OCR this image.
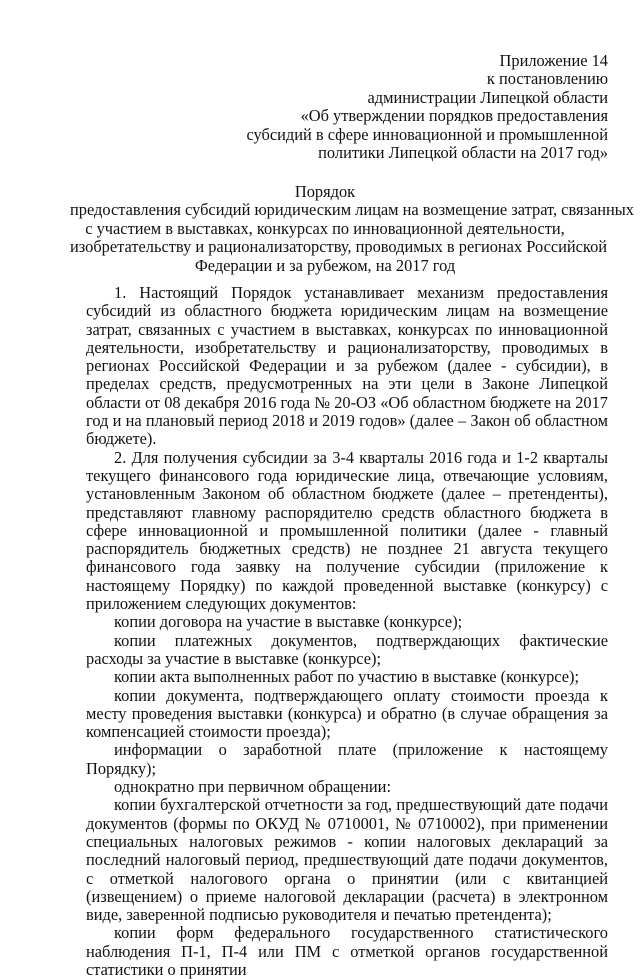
Приложение 14
к постановлению
администрации Липецкой области
«Об утверждении порядков предоставления
субсидий в сфере инновационной и промышленной
политики Липецкой области на 2017 год»
Порядок
предоставления субсидий юридическим лицам на возмещение затрат, связанных
с участием в выставках, конкурсах по инновационной деятельности,
изобретательству и рационализаторству, проводимых в регионах Российской
Федерации и за рубежом, на 2017 год

1. Настоящий Порядок устанавливает механизм предоставления субсидий из областного бюджета юридическим лицам на возмещение затрат, связанных с участием в выставках, конкурсах по инновационной деятельности, изобретательству и рационализаторству, проводимых в регионах Российской Федерации и за рубежом (далее - субсидии), в пределах средств, предусмотренных на эти цели в Законе Липецкой области от 08 декабря 2016 года № 20-ОЗ «Об областном бюджете на 2017 год и на плановый период 2018 и 2019 годов» (далее – Закон об областном бюджете).

2. Для получения субсидии за 3-4 кварталы 2016 года и 1-2 кварталы текущего финансового года юридические лица, отвечающие условиям, установленным Законом об областном бюджете (далее – претенденты), представляют главному распорядителю средств областного бюджета в сфере инновационной и промышленной политики (далее - главный распорядитель бюджетных средств) не позднее 21 августа текущего финансового года заявку на получение субсидии (приложение к настоящему Порядку) по каждой проведенной выставке (конкурсу) с приложением следующих документов:

копии договора на участие в выставке (конкурсе);

копии платежных документов, подтверждающих фактические расходы за участие в выставке (конкурсе);

копии акта выполненных работ по участию в выставке (конкурсе);

копии документа, подтверждающего оплату стоимости проезда к месту проведения выставки (конкурса) и обратно (в случае обращения за компенсацией стоимости проезда);

информации о заработной плате (приложение к настоящему Порядку);

однократно при первичном обращении:

копии бухгалтерской отчетности за год, предшествующий дате подачи документов (формы по ОКУД № 0710001, № 0710002), при применении специальных налоговых режимов - копии налоговых деклараций за последний налоговый период, предшествующий дате подачи документов, с отметкой налогового органа о принятии (или с квитанцией (извещением) о приеме налоговой декларации (расчета) в электронном виде, заверенной подписью руководителя и печатью претендента);

копии форм федерального государственного статистического наблюдения П-1, П-4 или ПМ с отметкой органов государственной статистики о принятии
